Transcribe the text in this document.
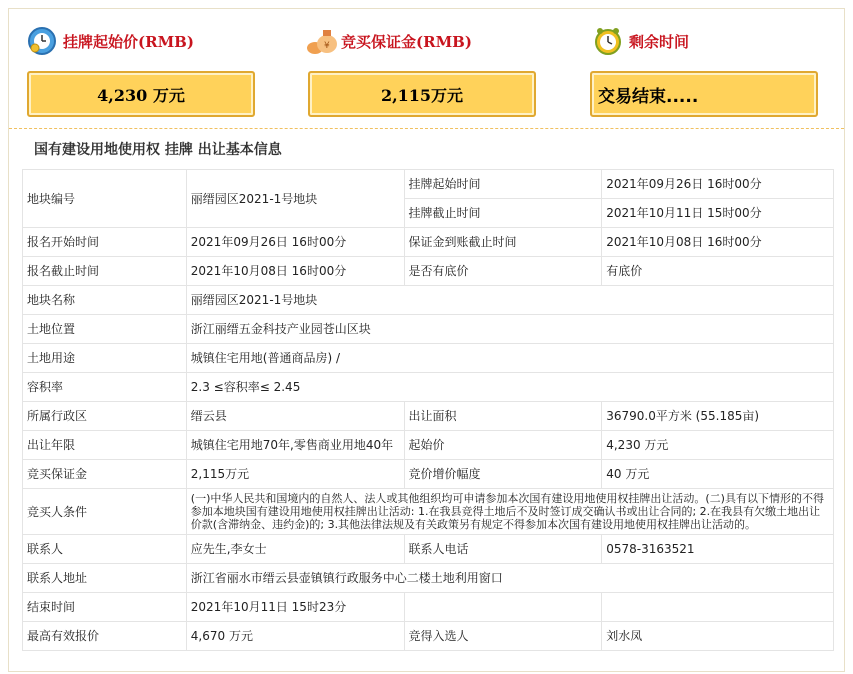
挂牌起始价(RMB)
4,230 万元
¥ 竞买保证金(RMB)
2,115万元
剩余时间
交易结束.....
国有建设用地使用权 挂牌 出让基本信息
地块编号	丽缙园区2021-1号地块	挂牌起始时间	2021年09月26日 16时00分
		挂牌截止时间	2021年10月11日 15时00分
报名开始时间	2021年09月26日 16时00分	保证金到账截止时间	2021年10月08日 16时00分
报名截止时间	2021年10月08日 16时00分	是否有底价	有底价
地块名称	丽缙园区2021-1号地块		
土地位置	浙江丽缙五金科技产业园苍山区块		
土地用途	城镇住宅用地(普通商品房) /		
容积率	2.3 ≤容积率≤ 2.45		
所属行政区	缙云县	出让面积	36790.0平方米 (55.185亩)
出让年限	城镇住宅用地70年,零售商业用地40年	起始价	4,230 万元
竞买保证金	2,115万元	竞价增价幅度	40 万元
竞买人条件	(一)中华人民共和国境内的自然人、法人或其他组织均可申请参加本次国有建设用地使用权挂牌出让活动。(二)具有以下情形的不得参加本地块国有建设用地使用权挂牌出让活动: 1.在我县竞得土地后不及时签订成交确认书或出让合同的; 2.在我县有欠缴土地出让价款(含滞纳金、违约金)的; 3.其他法律法规及有关政策另有规定不得参加本次国有建设用地使用权挂牌出让活动的。		
联系人	应先生,李女士	联系人电话	0578-3163521
联系人地址	浙江省丽水市缙云县壶镇镇行政服务中心二楼土地利用窗口		
结束时间	2021年10月11日 15时23分		
最高有效报价	4,670 万元	竞得入选人	刘水凤
